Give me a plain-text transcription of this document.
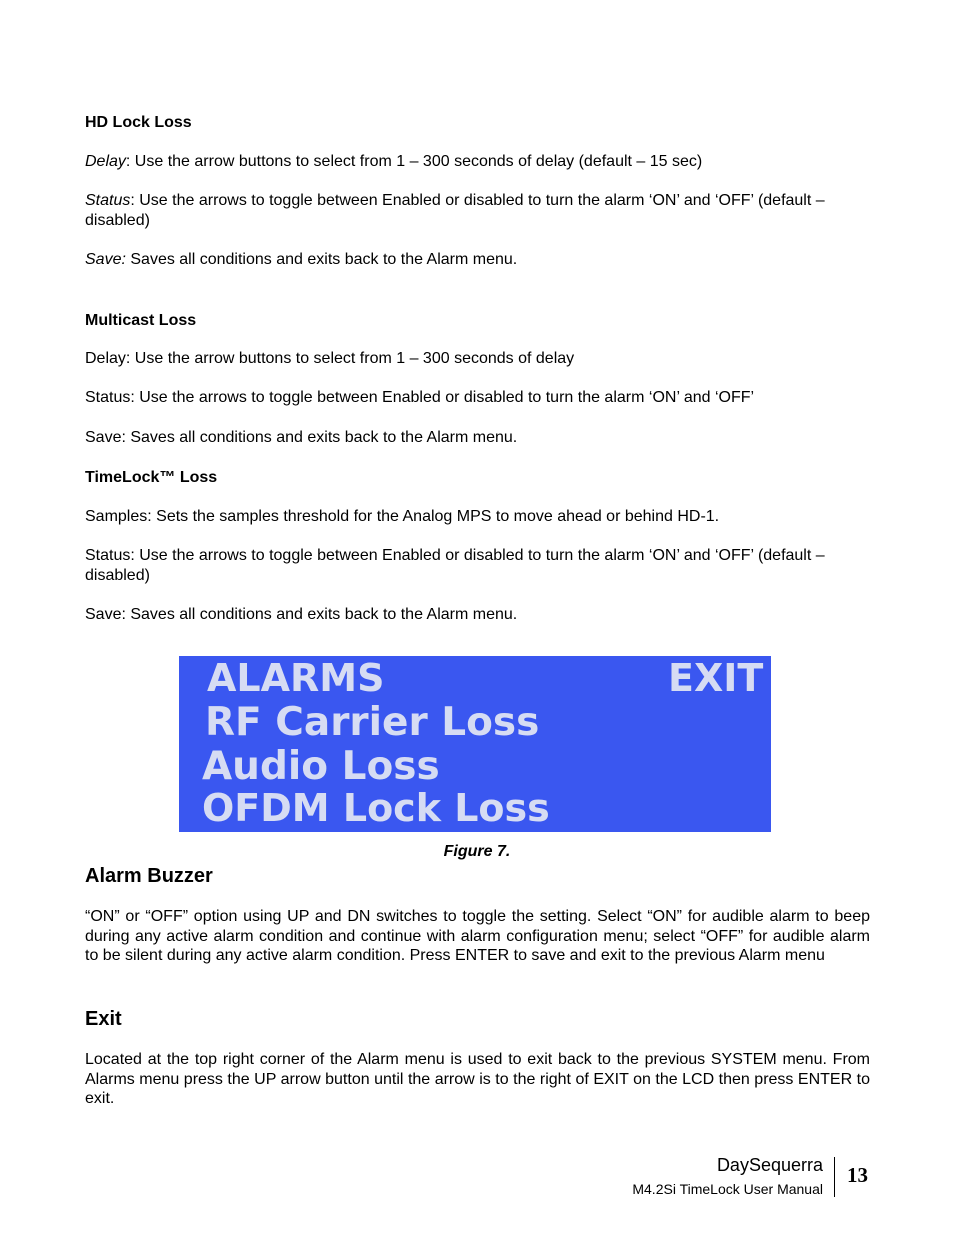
HD Lock Loss
Delay: Use the arrow buttons to select from 1 – 300 seconds of delay (default – 15 sec)
Status: Use the arrows to toggle between Enabled or disabled to turn the alarm ‘ON’ and ‘OFF’ (default – disabled)
Save: Saves all conditions and exits back to the Alarm menu.
Multicast Loss
Delay: Use the arrow buttons to select from 1 – 300 seconds of delay
Status: Use the arrows to toggle between Enabled or disabled to turn the alarm ‘ON’ and ‘OFF’
Save: Saves all conditions and exits back to the Alarm menu.
TimeLock™ Loss
Samples: Sets the samples threshold for the Analog MPS to move ahead or behind HD-1.
Status: Use the arrows to toggle between Enabled or disabled to turn the alarm ‘ON’ and ‘OFF’ (default – disabled)
Save: Saves all conditions and exits back to the Alarm menu.
ALARMS	EXIT
RF Carrier Loss
Audio Loss
OFDM Lock Loss
Figure 7.
Alarm Buzzer
“ON” or “OFF” option using UP and DN switches to toggle the setting. Select “ON” for audible alarm to beep during any active alarm condition and continue with alarm configuration menu; select “OFF” for audible alarm to be silent during any active alarm condition. Press ENTER to save and exit to the previous Alarm menu
Exit
Located at the top right corner of the Alarm menu is used to exit back to the previous SYSTEM menu. From Alarms menu press the UP arrow button until the arrow is to the right of EXIT on the LCD then press ENTER to exit.
DaySequerra
M4.2Si TimeLock User Manual
13
